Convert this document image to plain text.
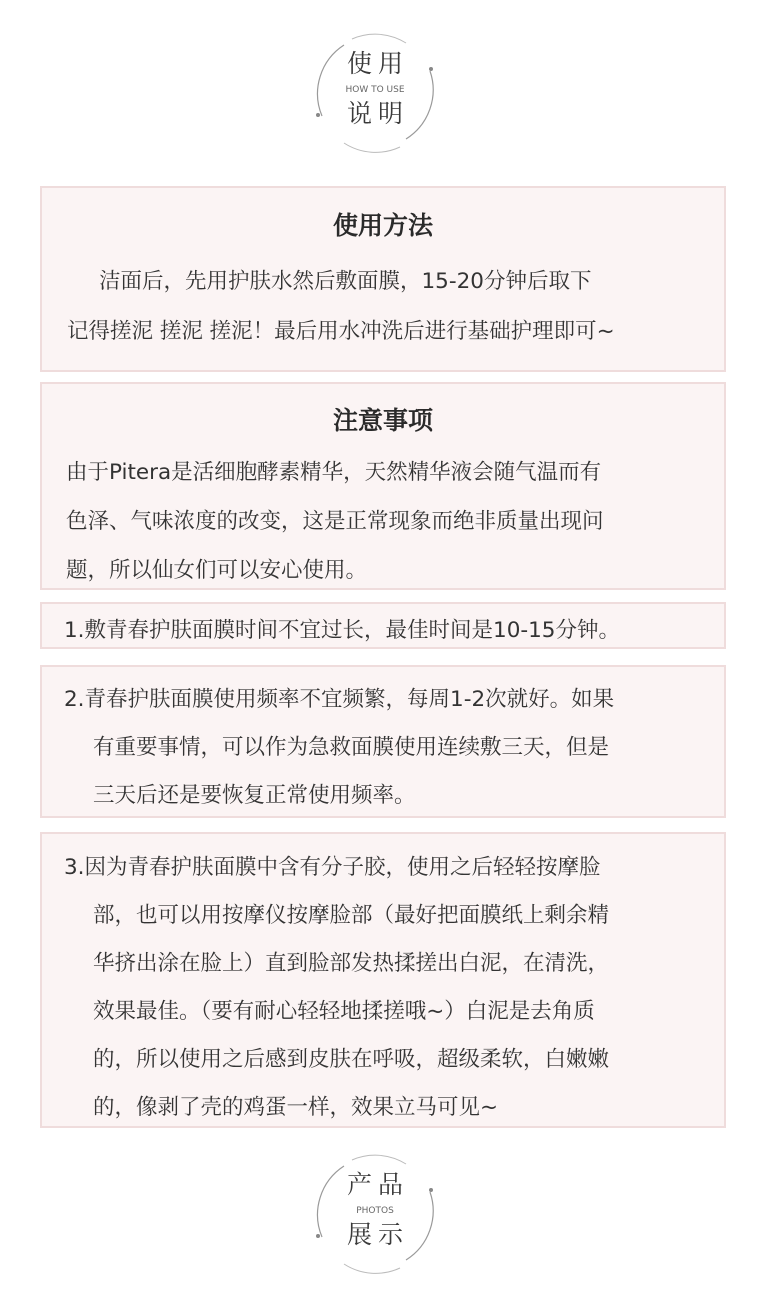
使用
HOW TO USE
说明
使用方法
洁面后，先用护肤水然后敷面膜，15-20分钟后取下
记得搓泥 搓泥 搓泥！最后用水冲洗后进行基础护理即可~
注意事项
由于Pitera是活细胞酵素精华，天然精华液会随气温而有
色泽、气味浓度的改变，这是正常现象而绝非质量出现问
题，所以仙女们可以安心使用。
1.敷青春护肤面膜时间不宜过长，最佳时间是10-15分钟。
2.青春护肤面膜使用频率不宜频繁，每周1-2次就好。如果
有重要事情，可以作为急救面膜使用连续敷三天，但是
三天后还是要恢复正常使用频率。
3.因为青春护肤面膜中含有分子胶，使用之后轻轻按摩脸
部，也可以用按摩仪按摩脸部（最好把面膜纸上剩余精
华挤出涂在脸上）直到脸部发热揉搓出白泥，在清洗，
效果最佳。（要有耐心轻轻地揉搓哦~）白泥是去角质
的，所以使用之后感到皮肤在呼吸，超级柔软，白嫩嫩
的，像剥了壳的鸡蛋一样，效果立马可见~
产品
PHOTOS
展示
